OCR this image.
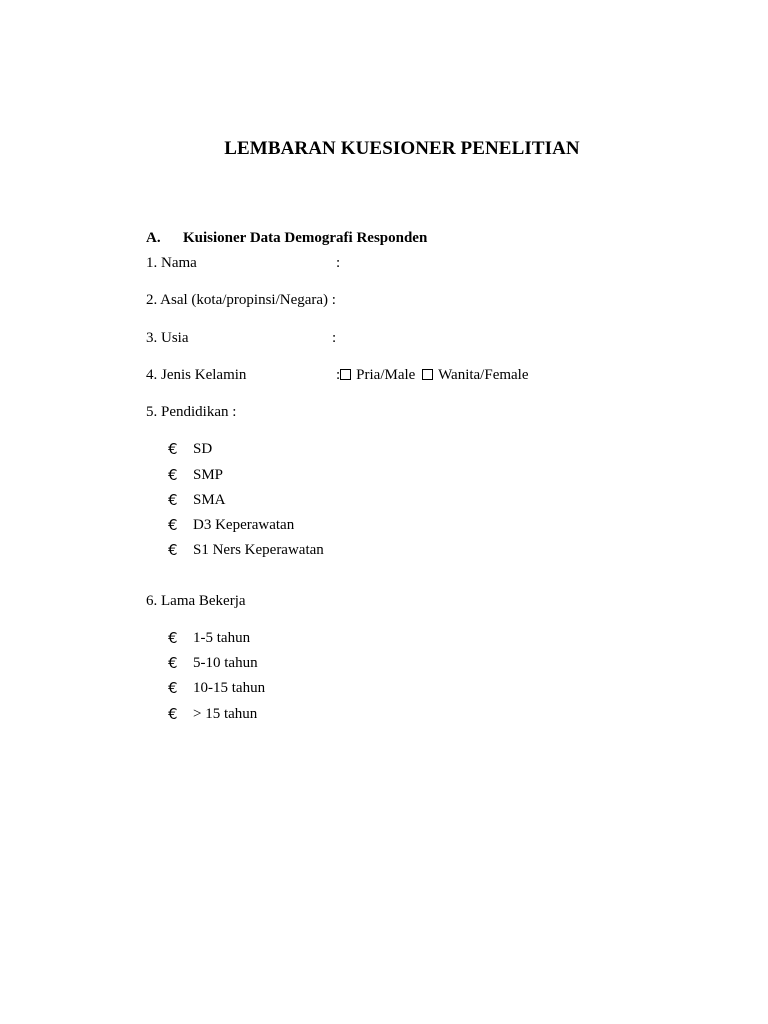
LEMBARAN KUESIONER PENELITIAN
A. Kuisioner Data Demografi Responden
1. Nama	:
2. Asal (kota/propinsi/Negara) :
3. Usia	:
4. Jenis Kelamin	: Pria/Male Wanita/Female
5. Pendidikan :
€ SD
€ SMP
€ SMA
€ D3 Keperawatan
€ S1 Ners Keperawatan
6. Lama Bekerja
€ 1-5 tahun
€ 5-10 tahun
€ 10-15 tahun
€ > 15 tahun
